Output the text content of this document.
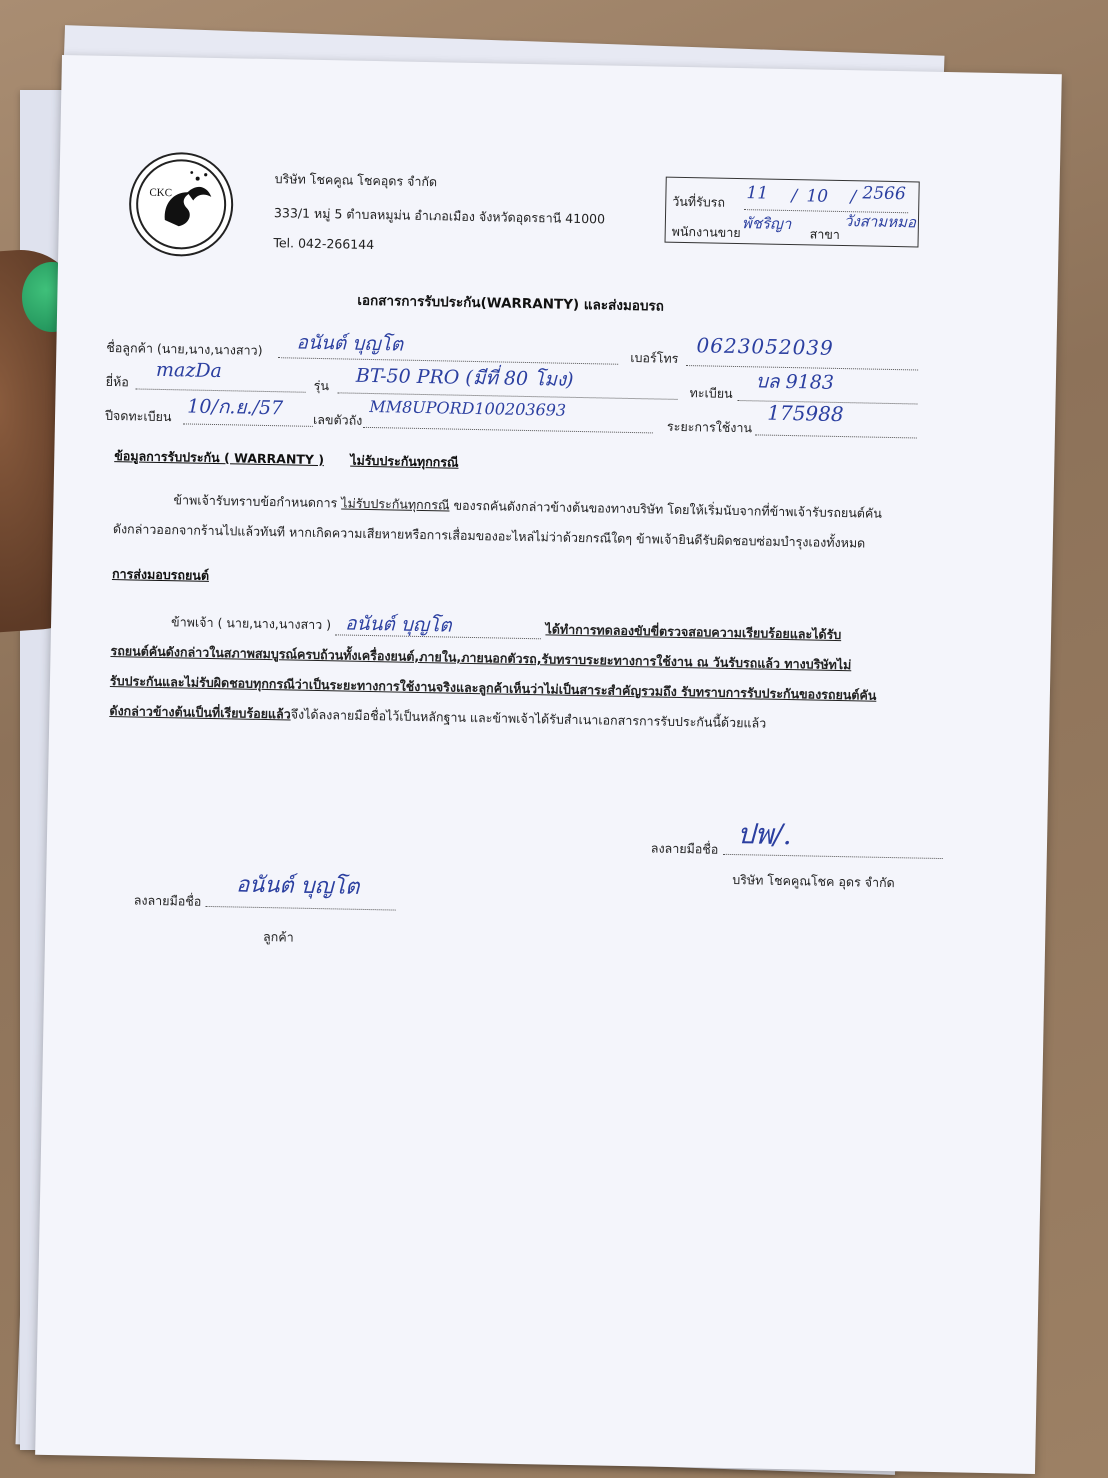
CKC
บริษัท โชคคูณ โชคอุดร จำกัด
333/1 หมู่ 5 ตำบลหมูม่น อำเภอเมือง จังหวัดอุดรธานี 41000
Tel. 042-266144
วันที่รับรถ 11 / 10 / 2566
พนักงานขาย พัชริญา
สาขา
วังสามหมอ
เอกสารการรับประกัน(WARRANTY) และส่งมอบรถ
ชื่อลูกค้า (นาย,นาง,นางสาว) อนันต์ บุญโต
เบอร์โทร 0623052039
ยี่ห้อ mazDa
รุ่น BT-50 PRO (มีที่ 80 โมง)
ทะเบียน บล 9183
ปีจดทะเบียน 10/ก.ย./57
เลขตัวถัง
MM8UPORD100203693
ระยะการใช้งาน
175988
ข้อมูลการรับประกัน ( WARRANTY ) ไม่รับประกันทุกกรณี
ข้าพเจ้ารับทราบข้อกำหนดการ ไม่รับประกันทุกกรณี ของรถคันดังกล่าวข้างต้นของทางบริษัท โดยให้เริ่มนับจากที่ข้าพเจ้ารับรถยนต์คัน
ดังกล่าวออกจากร้านไปแล้วทันที หากเกิดความเสียหายหรือการเสื่อมของอะไหล่ไม่ว่าด้วยกรณีใดๆ ข้าพเจ้ายินดีรับผิดชอบซ่อมบำรุงเองทั้งหมด
การส่งมอบรถยนต์
ข้าพเจ้า ( นาย,นาง,นางสาว ) อนันต์ บุญโต	ได้ทำการทดลองขับขี่ตรวจสอบความเรียบร้อยและได้รับ
รถยนต์คันดังกล่าวในสภาพสมบูรณ์ครบถ้วนทั้งเครื่องยนต์,ภายใน,ภายนอกตัวรถ,รับทราบระยะทางการใช้งาน ณ วันรับรถแล้ว ทางบริษัทไม่
รับประกันและไม่รับผิดชอบทุกกรณีว่าเป็นระยะทางการใช้งานจริงและลูกค้าเห็นว่าไม่เป็นสาระสำคัญรวมถึง รับทราบการรับประกันของรถยนต์คัน
ดังกล่าวข้างต้นเป็นที่เรียบร้อยแล้วจึงได้ลงลายมือชื่อไว้เป็นหลักฐาน และข้าพเจ้าได้รับสำเนาเอกสารการรับประกันนี้ด้วยแล้ว
ลงลายมือชื่อ ปพ/.
บริษัท โชคคูณโชค อุดร จำกัด
ลงลายมือชื่อ
อนันต์ บุญโต
ลูกค้า
